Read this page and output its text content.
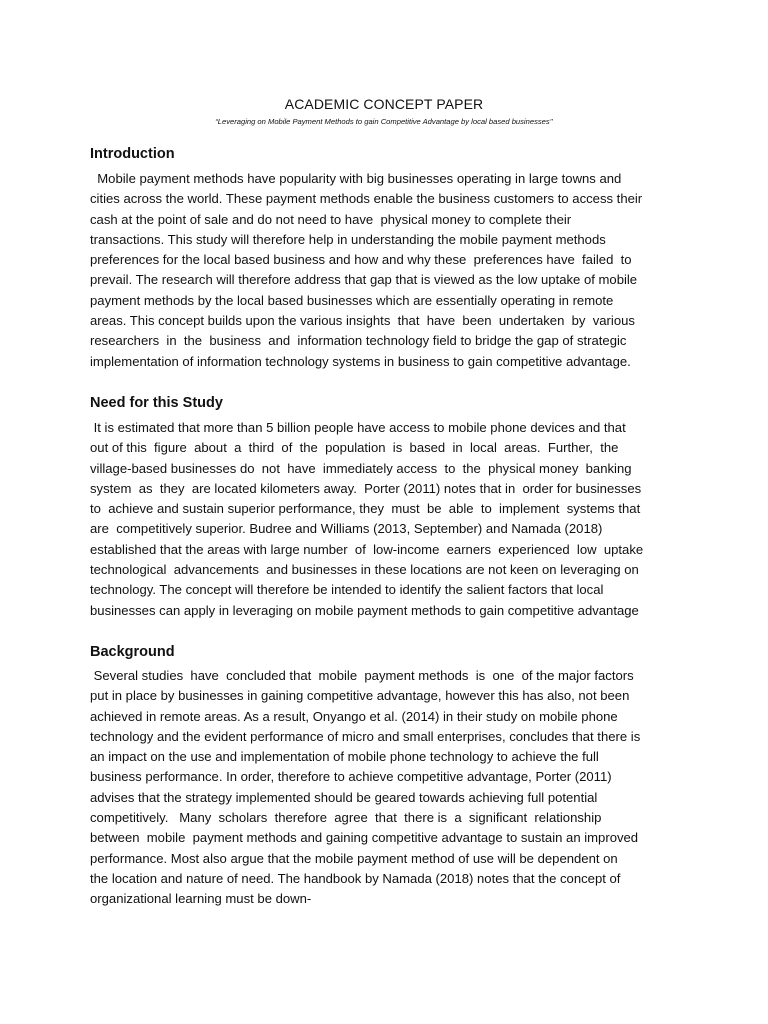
ACADEMIC CONCEPT PAPER
“Leveraging on Mobile Payment Methods to gain Competitive Advantage by local based businesses’’
Introduction
Mobile payment methods have popularity with big businesses operating in large towns and
cities across the world. These payment methods enable the business customers to access their
cash at the point of sale and do not need to have  physical money to complete their
transactions. This study will therefore help in understanding the mobile payment methods
preferences for the local based business and how and why these  preferences have  failed  to
prevail. The research will therefore address that gap that is viewed as the low uptake of mobile
payment methods by the local based businesses which are essentially operating in remote
areas. This concept builds upon the various insights  that  have  been  undertaken  by  various
researchers  in  the  business  and  information technology field to bridge the gap of strategic
implementation of information technology systems in business to gain competitive advantage.
Need for this Study
It is estimated that more than 5 billion people have access to mobile phone devices and that
out of this  figure  about  a  third  of  the  population  is  based  in  local  areas.  Further,  the
village-based businesses do  not  have  immediately access  to  the  physical money  banking
system  as  they  are located kilometers away.  Porter (2011) notes that in  order for businesses
to  achieve and sustain superior performance, they  must  be  able  to  implement  systems that
are  competitively superior. Budree and Williams (2013, September) and Namada (2018)
established that the areas with large number  of  low-income  earners  experienced  low  uptake
technological  advancements  and businesses in these locations are not keen on leveraging on
technology. The concept will therefore be intended to identify the salient factors that local
businesses can apply in leveraging on mobile payment methods to gain competitive advantage
Background
Several studies  have  concluded that  mobile  payment methods  is  one  of the major factors
put in place by businesses in gaining competitive advantage, however this has also, not been
achieved in remote areas. As a result, Onyango et al. (2014) in their study on mobile phone
technology and the evident performance of micro and small enterprises, concludes that there is
an impact on the use and implementation of mobile phone technology to achieve the full
business performance. In order, therefore to achieve competitive advantage, Porter (2011)
advises that the strategy implemented should be geared towards achieving full potential
competitively.   Many  scholars  therefore  agree  that  there is  a  significant  relationship
between  mobile  payment methods and gaining competitive advantage to sustain an improved
performance. Most also argue that the mobile payment method of use will be dependent on
the location and nature of need. The handbook by Namada (2018) notes that the concept of
organizational learning must be down-
